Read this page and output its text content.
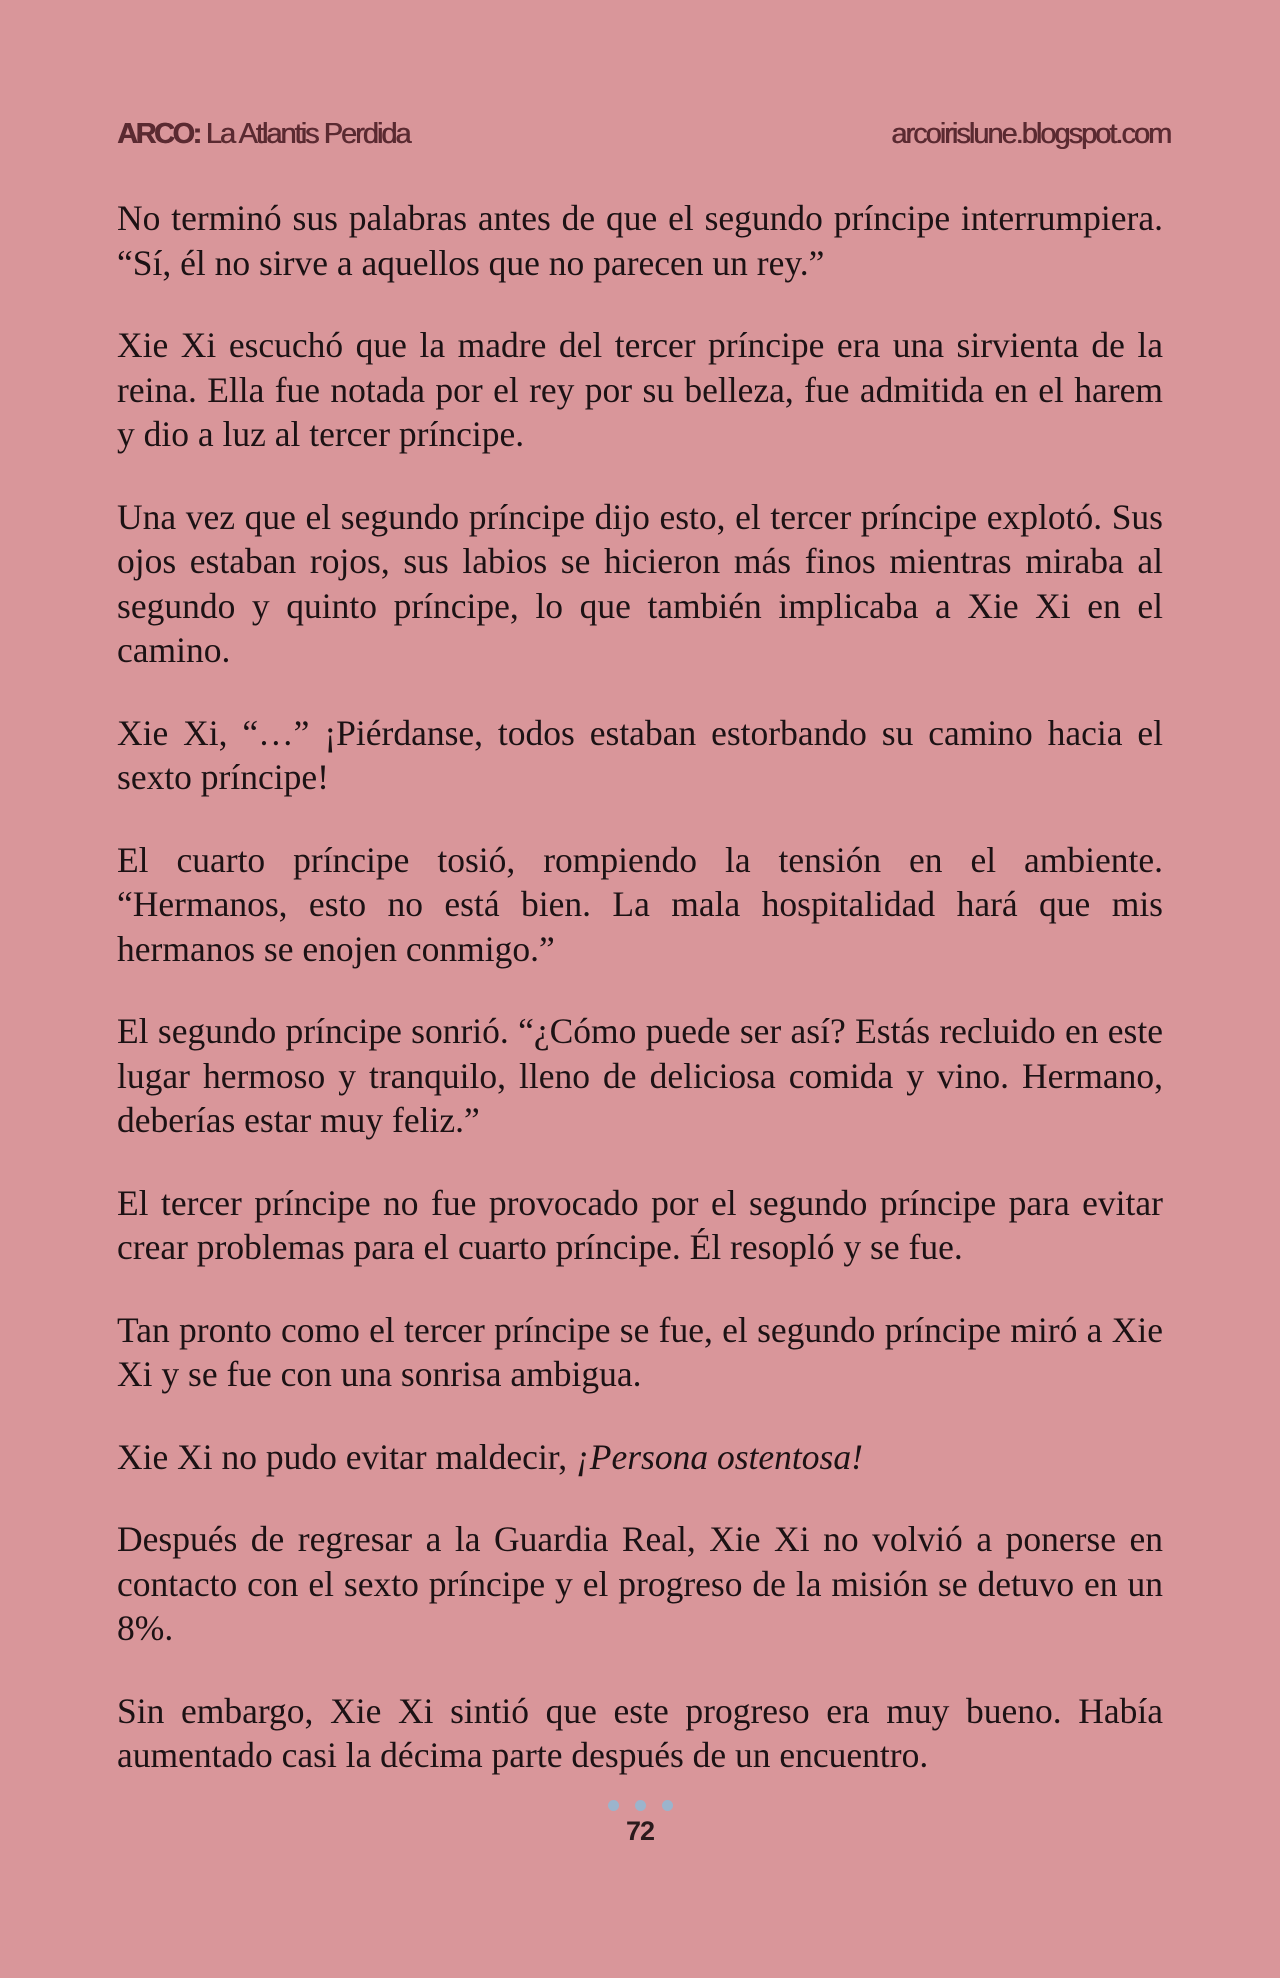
ARCO: La Atlantis Perdida	arcoirislune.blogspot.com

No terminó sus palabras antes de que el segundo príncipe interrumpiera. “Sí, él no sirve a aquellos que no parecen un rey.”

Xie Xi escuchó que la madre del tercer príncipe era una sirvienta de la reina. Ella fue notada por el rey por su belleza, fue admitida en el harem y dio a luz al tercer príncipe.

Una vez que el segundo príncipe dijo esto, el tercer príncipe explotó. Sus ojos estaban rojos, sus labios se hicieron más finos mientras miraba al segundo y quinto príncipe, lo que también implicaba a Xie Xi en el camino.

Xie Xi, “…” ¡Piérdanse, todos estaban estorbando su camino hacia el sexto príncipe!

El cuarto príncipe tosió, rompiendo la tensión en el ambiente. “Hermanos, esto no está bien. La mala hospitalidad hará que mis hermanos se enojen conmigo.”

El segundo príncipe sonrió. “¿Cómo puede ser así? Estás recluido en este lugar hermoso y tranquilo, lleno de deliciosa comida y vino. Hermano, deberías estar muy feliz.”

El tercer príncipe no fue provocado por el segundo príncipe para evitar crear problemas para el cuarto príncipe. Él resopló y se fue.

Tan pronto como el tercer príncipe se fue, el segundo príncipe miró a Xie Xi y se fue con una sonrisa ambigua.

Xie Xi no pudo evitar maldecir, ¡Persona ostentosa!

Después de regresar a la Guardia Real, Xie Xi no volvió a ponerse en contacto con el sexto príncipe y el progreso de la misión se detuvo en un 8%.

Sin embargo, Xie Xi sintió que este progreso era muy bueno. Había aumentado casi la décima parte después de un encuentro.

72
